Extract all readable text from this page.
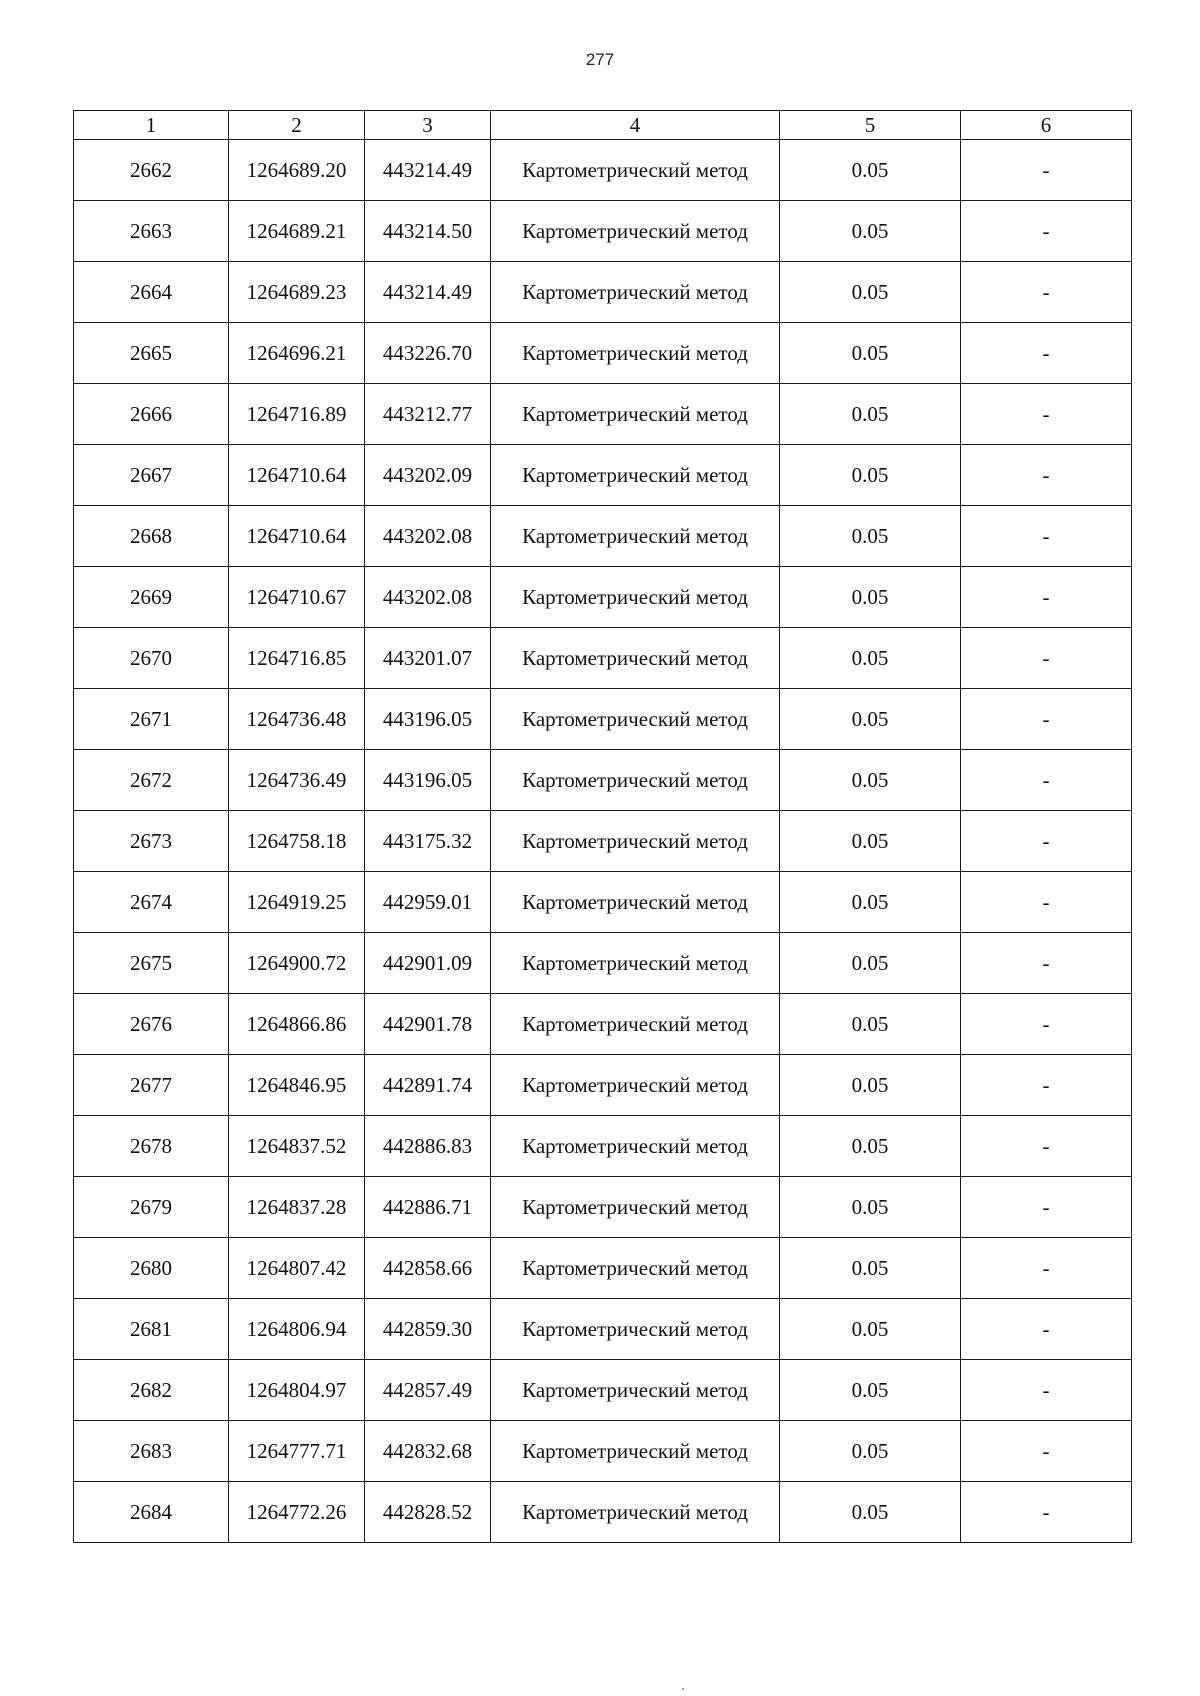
277
1	2	3	4	5	6
2662	1264689.20	443214.49	Картометрический метод	0.05	-
2663	1264689.21	443214.50	Картометрический метод	0.05	-
2664	1264689.23	443214.49	Картометрический метод	0.05	-
2665	1264696.21	443226.70	Картометрический метод	0.05	-
2666	1264716.89	443212.77	Картометрический метод	0.05	-
2667	1264710.64	443202.09	Картометрический метод	0.05	-
2668	1264710.64	443202.08	Картометрический метод	0.05	-
2669	1264710.67	443202.08	Картометрический метод	0.05	-
2670	1264716.85	443201.07	Картометрический метод	0.05	-
2671	1264736.48	443196.05	Картометрический метод	0.05	-
2672	1264736.49	443196.05	Картометрический метод	0.05	-
2673	1264758.18	443175.32	Картометрический метод	0.05	-
2674	1264919.25	442959.01	Картометрический метод	0.05	-
2675	1264900.72	442901.09	Картометрический метод	0.05	-
2676	1264866.86	442901.78	Картометрический метод	0.05	-
2677	1264846.95	442891.74	Картометрический метод	0.05	-
2678	1264837.52	442886.83	Картометрический метод	0.05	-
2679	1264837.28	442886.71	Картометрический метод	0.05	-
2680	1264807.42	442858.66	Картометрический метод	0.05	-
2681	1264806.94	442859.30	Картометрический метод	0.05	-
2682	1264804.97	442857.49	Картометрический метод	0.05	-
2683	1264777.71	442832.68	Картометрический метод	0.05	-
2684	1264772.26	442828.52	Картометрический метод	0.05	-
